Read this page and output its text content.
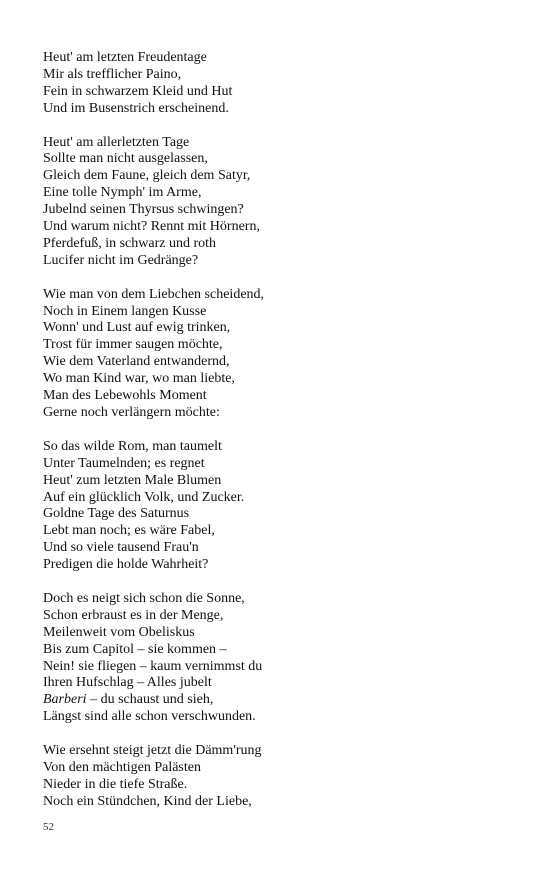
Heut' am letzten Freudentage
Mir als trefflicher Paino,
Fein in schwarzem Kleid und Hut
Und im Busenstrich erscheinend.
Heut' am allerletzten Tage
Sollte man nicht ausgelassen,
Gleich dem Faune, gleich dem Satyr,
Eine tolle Nymph' im Arme,
Jubelnd seinen Thyrsus schwingen?
Und warum nicht? Rennt mit Hörnern,
Pferdefuß, in schwarz und roth
Lucifer nicht im Gedränge?
Wie man von dem Liebchen scheidend,
Noch in Einem langen Kusse
Wonn' und Lust auf ewig trinken,
Trost für immer saugen möchte,
Wie dem Vaterland entwandernd,
Wo man Kind war, wo man liebte,
Man des Lebewohls Moment
Gerne noch verlängern möchte:
So das wilde Rom, man taumelt
Unter Taumelnden; es regnet
Heut' zum letzten Male Blumen
Auf ein glücklich Volk, und Zucker.
Goldne Tage des Saturnus
Lebt man noch; es wäre Fabel,
Und so viele tausend Frau'n
Predigen die holde Wahrheit?
Doch es neigt sich schon die Sonne,
Schon erbraust es in der Menge,
Meilenweit vom Obeliskus
Bis zum Capitol – sie kommen –
Nein! sie fliegen – kaum vernimmst du
Ihren Hufschlag – Alles jubelt
Barberi – du schaust und sieh,
Längst sind alle schon verschwunden.
Wie ersehnt steigt jetzt die Dämm'rung
Von den mächtigen Palästen
Nieder in die tiefe Straße.
Noch ein Stündchen, Kind der Liebe,
52
